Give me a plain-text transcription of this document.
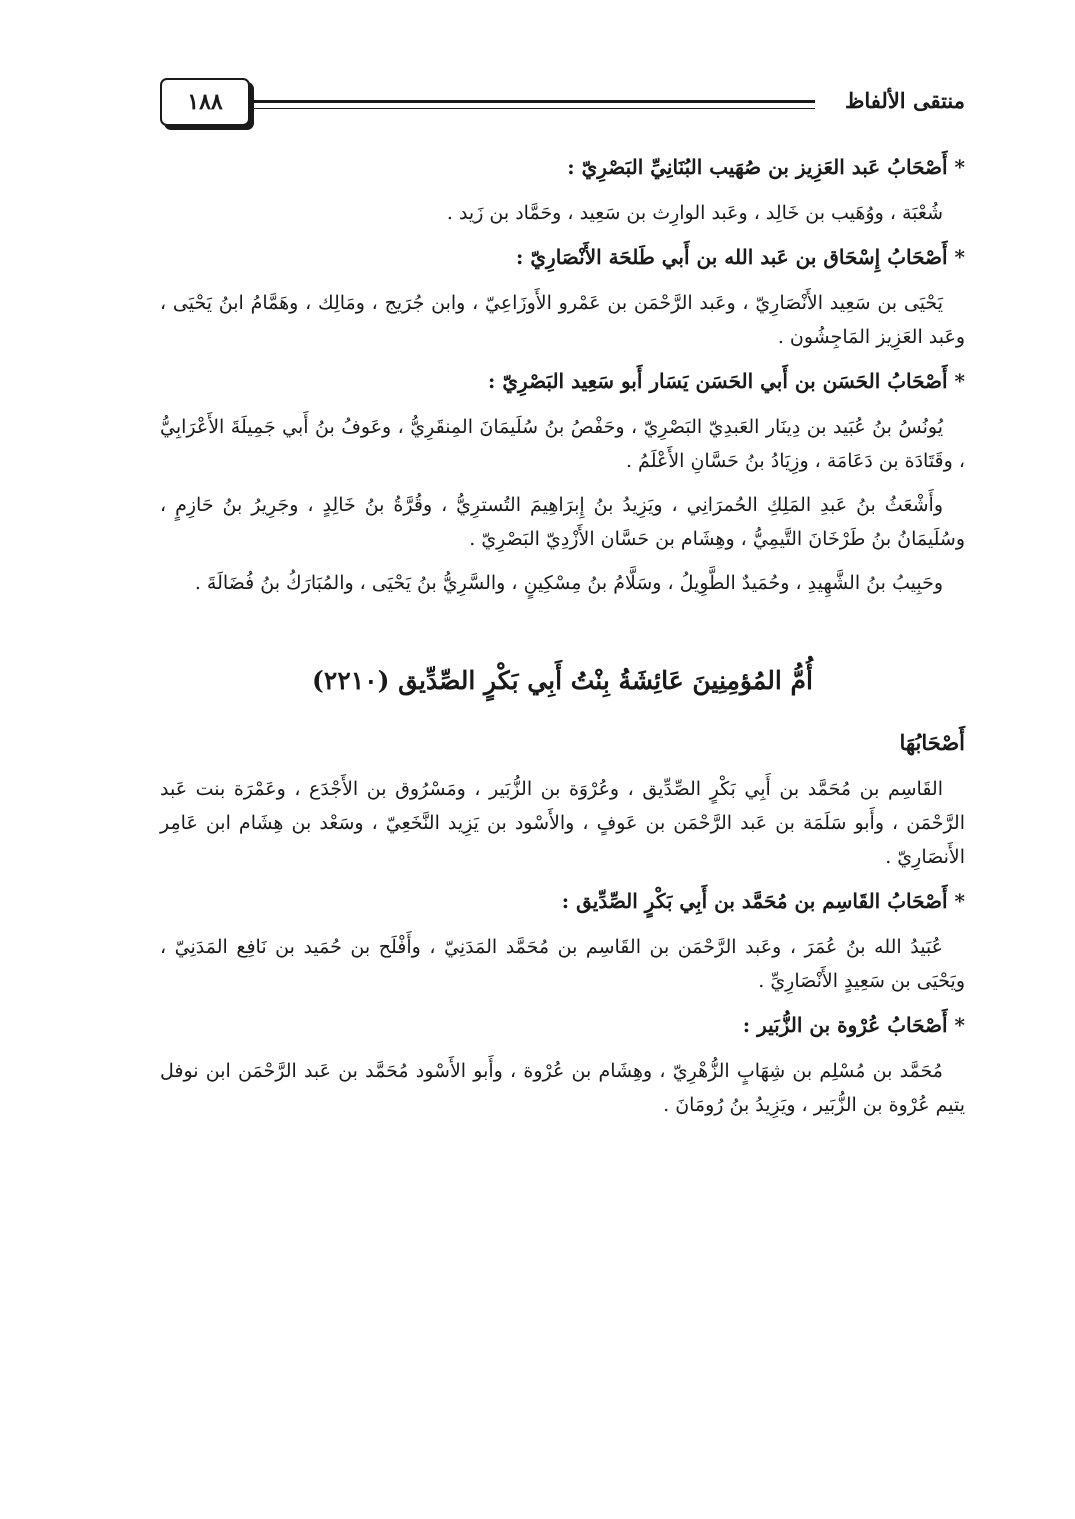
منتقى الألفاظ
١٨٨
* أَصْحَابُ عَبد العَزِيز بن صُهَيب البُنَانِيِّ البَصْرِيّ :

شُعْبَة ، ووُهَيب بن خَالِد ، وعَبد الوارِث بن سَعِيد ، وحَمَّاد بن زَيد .

* أَصْحَابُ إِسْحَاق بن عَبد الله بن أَبي طَلحَة الأَنْصَارِيّ :

يَحْيَى بن سَعِيد الأَنْصَارِيّ ، وعَبد الرَّحْمَن بن عَمْرو الأَوزَاعِيّ ، وابن جُرَيج ، ومَالِك ، وهَمَّامُ ابنُ يَحْيَى ، وعَبد العَزِيز المَاجِشُون .

* أَصْحَابُ الحَسَن بن أَبي الحَسَن يَسَار أَبو سَعِيد البَصْرِيّ :

يُونُسُ بنُ عُبَيد بن دِينَار العَبدِيّ البَصْرِيّ ، وحَفْصُ بنُ سُلَيمَانَ المِنقَرِيُّ ، وعَوفُ بنُ أَبي جَمِيلَةَ الأَعْرَابِيُّ ، وقَتَادَة بن دَعَامَة ، وزِيَادُ بنُ حَسَّانِ الأَعْلَمُ .

وأَشْعَثُ بنُ عَبدِ المَلِكِ الحُمرَانِي ، ويَزِيدُ بنُ إِبرَاهِيمَ التُسترِيُّ ، وقُرَّةُ بنُ خَالِدٍ ، وجَرِيرُ بنُ حَازِمٍ ، وسُلَيمَانُ بنُ طَرْخَانَ التَّيمِيُّ ، وهِشَام بن حَسَّان الأَزْدِيّ البَصْرِيّ .

وحَبِيبُ بنُ الشَّهِيدِ ، وحُمَيدٌ الطَّوِيلُ ، وسَلَّامُ بنُ مِسْكِينٍ ، والسَّرِيُّ بنُ يَحْيَى ، والمُبَارَكُ بنُ فُضَالَةَ .

أُمُّ المُؤمِنِينَ عَائِشَةُ بِنْتُ أَبِي بَكْرٍ الصِّدِّيق (٢٢١٠)
أَصْحَابُهَا

القَاسِم بن مُحَمَّد بن أَبِي بَكْرٍ الصِّدِّيق ، وعُرْوَة بن الزُّبَير ، ومَسْرُوق بن الأَجْدَع ، وعَمْرَة بنت عَبد الرَّحْمَن ، وأَبو سَلَمَة بن عَبد الرَّحْمَن بن عَوفٍ ، والأَسْود بن يَزِيد النَّخَعِيّ ، وسَعْد بن هِشَام ابن عَامِر الأَنصَارِيّ .

* أَصْحَابُ القَاسِم بن مُحَمَّد بن أَبِي بَكْرٍ الصِّدِّيق :

عُبَيدُ الله بنُ عُمَرَ ، وعَبد الرَّحْمَن بن القَاسِم بن مُحَمَّد المَدَنِيّ ، وأَفْلَح بن حُمَيد بن نَافِع المَدَنِيّ ، ويَحْيَى بن سَعِيدٍ الأَنْصَارِيِّ .

* أَصْحَابُ عُرْوة بن الزُّبَير :

مُحَمَّد بن مُسْلِم بن شِهَابٍ الزُّهْرِيّ ، وهِشَام بن عُرْوة ، وأَبو الأَسْود مُحَمَّد بن عَبد الرَّحْمَن ابن نوفل يتيم عُرْوة بن الزُّبَير ، ويَزِيدُ بنُ رُومَانَ .
